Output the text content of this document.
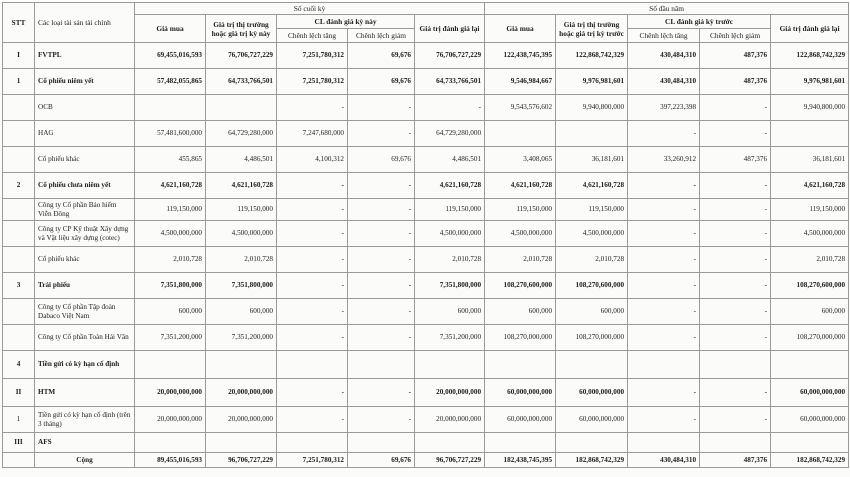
STT	Các loại tài sản tài chính	Số cuối kỳ					Số đầu năm				
		Giá mua	Giá trị thị trường hoặc giá trị kỳ này	CL đánh giá kỳ này		Giá trị đánh giá lại	Giá mua	Giá trị thị trường hoặc giá trị kỳ trước	CL đánh giá kỳ trước		Giá trị đánh giá lại
				Chênh lệch tăng	Chênh lệch giảm				Chênh lệch tăng	Chênh lệch giảm	
I	FVTPL	69,455,016,593	76,706,727,229	7,251,780,312	69,676	76,706,727,229	122,438,745,395	122,868,742,329	430,484,310	487,376	122,868,742,329
1	Cổ phiếu niêm yết	57,482,055,865	64,733,766,501	7,251,780,312	69,676	64,733,766,501	9,546,984,667	9,976,981,601	430,484,310	487,376	9,976,981,601
	OCB			-	-	-	9,543,576,602	9,940,800,000	397,223,398	-	9,940,800,000
	HAG	57,481,600,000	64,729,280,000	7,247,680,000	-	64,729,280,000			-	-	
	Cổ phiếu khác	455,865	4,486,501	4,100,312	69,676	4,486,501	3,408,065	36,181,601	33,260,912	487,376	36,181,601
2	Cổ phiếu chưa niêm yết	4,621,160,728	4,621,160,728	-	-	4,621,160,728	4,621,160,728	4,621,160,728	-	-	4,621,160,728
	Công ty Cổ phần Bảo hiểm Viễn Đông	119,150,000	119,150,000	-	-	119,150,000	119,150,000	119,150,000	-	-	119,150,000
	Công ty CP Kỹ thuật Xây dựng và Vật liệu xây dựng (cotec)	4,500,000,000	4,500,000,000	-	-	4,500,000,000	4,500,000,000	4,500,000,000	-	-	4,500,000,000
	Cổ phiếu khác	2,010,728	2,010,728	-	-	2,010,728	2,010,728	2,010,728	-	-	2,010,728
3	Trái phiếu	7,351,800,000	7,351,800,000	-	-	7,351,800,000	108,270,600,000	108,270,600,000	-	-	108,270,600,000
	Công ty Cổ phần Tập đoàn Dabaco Việt Nam	600,000	600,000	-	-	600,000	600,000	600,000	-	-	600,000
	Công ty Cổ phần Toàn Hải Vân	7,351,200,000	7,351,200,000	-	-	7,351,200,000	108,270,000,000	108,270,000,000	-	-	108,270,000,000
4	Tiền gửi có kỳ hạn cố định										
II	HTM	20,000,000,000	20,000,000,000	-	-	20,000,000,000	60,000,000,000	60,000,000,000	-	-	60,000,000,000
1	Tiền gửi có kỳ hạn cố định (trên 3 tháng)	20,000,000,000	20,000,000,000	-	-	20,000,000,000	60,000,000,000	60,000,000,000	-	-	60,000,000,000
III	AFS										
	Cộng	89,455,016,593	96,706,727,229	7,251,780,312	69,676	96,706,727,229	182,438,745,395	182,868,742,329	430,484,310	487,376	182,868,742,329
